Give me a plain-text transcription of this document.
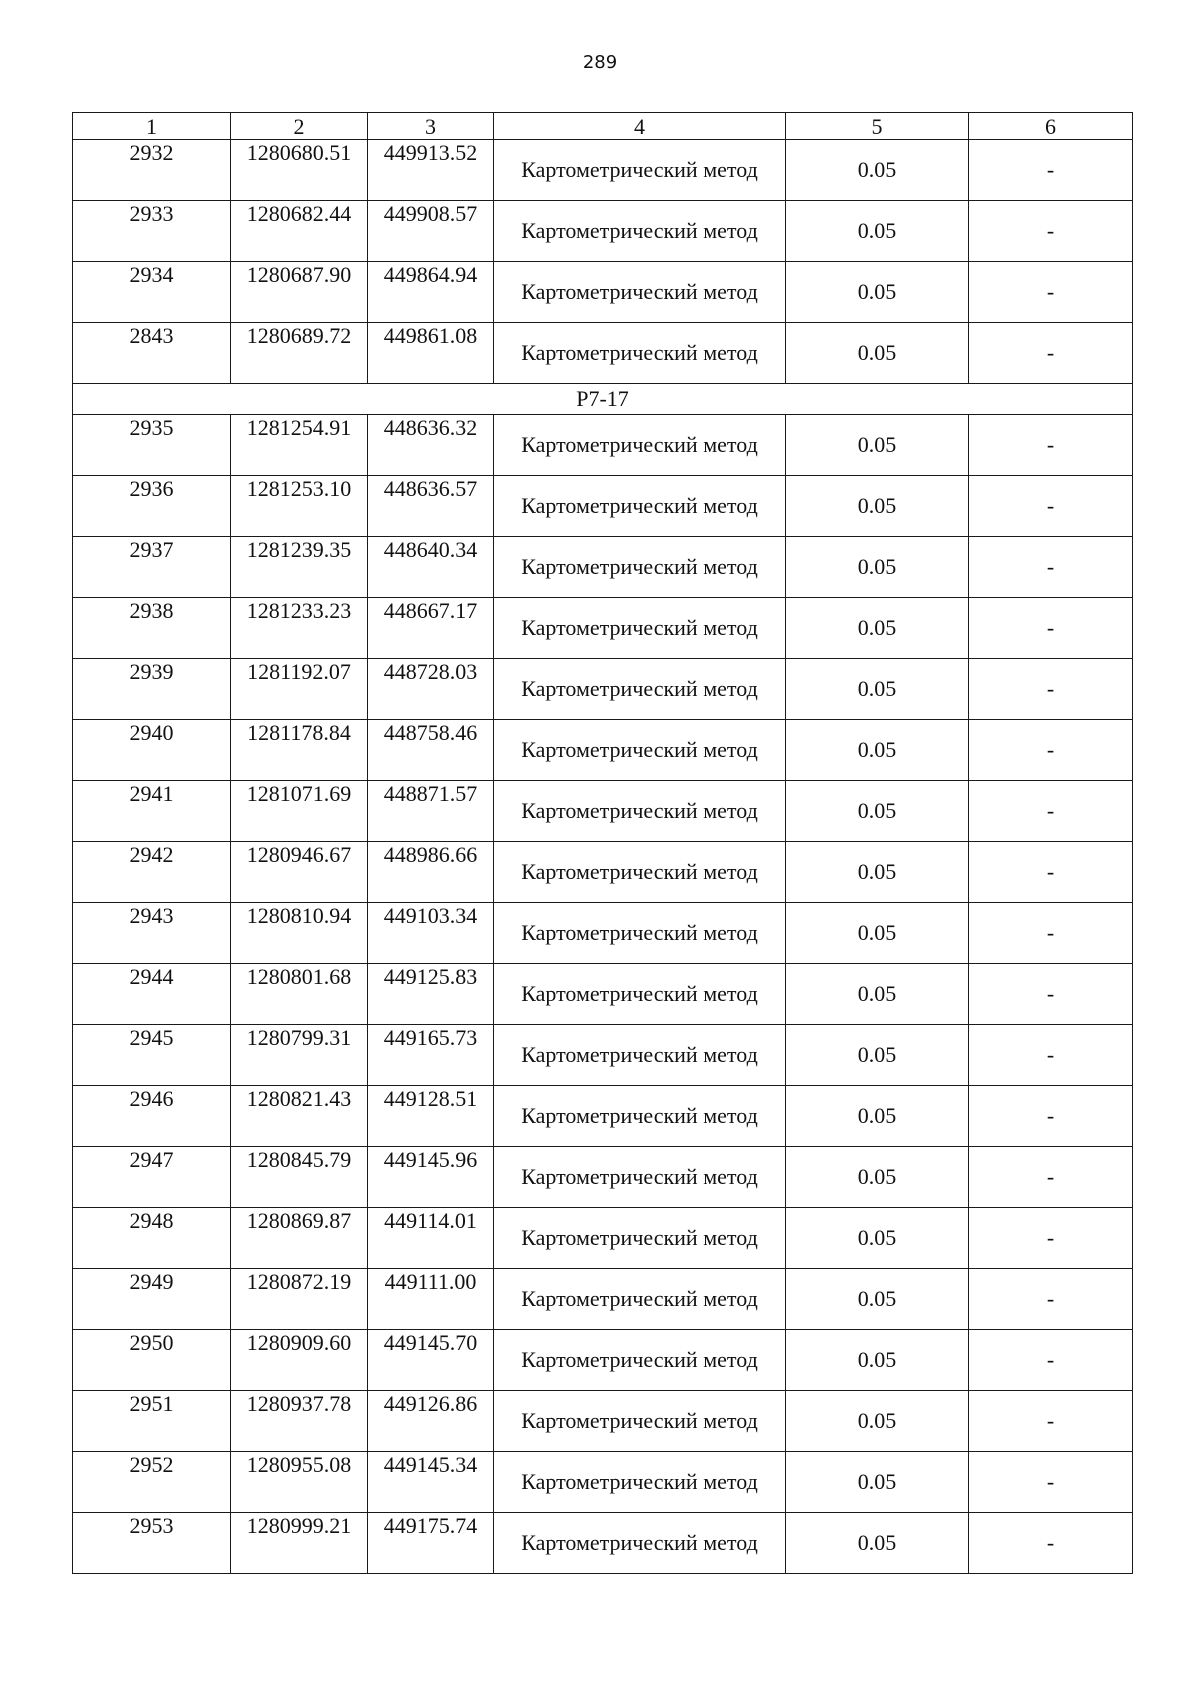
289
1	2	3	4	5	6
2932	1280680.51	449913.52	Картометрический метод	0.05	-
2933	1280682.44	449908.57	Картометрический метод	0.05	-
2934	1280687.90	449864.94	Картометрический метод	0.05	-
2843	1280689.72	449861.08	Картометрический метод	0.05	-
Р7-17					
2935	1281254.91	448636.32	Картометрический метод	0.05	-
2936	1281253.10	448636.57	Картометрический метод	0.05	-
2937	1281239.35	448640.34	Картометрический метод	0.05	-
2938	1281233.23	448667.17	Картометрический метод	0.05	-
2939	1281192.07	448728.03	Картометрический метод	0.05	-
2940	1281178.84	448758.46	Картометрический метод	0.05	-
2941	1281071.69	448871.57	Картометрический метод	0.05	-
2942	1280946.67	448986.66	Картометрический метод	0.05	-
2943	1280810.94	449103.34	Картометрический метод	0.05	-
2944	1280801.68	449125.83	Картометрический метод	0.05	-
2945	1280799.31	449165.73	Картометрический метод	0.05	-
2946	1280821.43	449128.51	Картометрический метод	0.05	-
2947	1280845.79	449145.96	Картометрический метод	0.05	-
2948	1280869.87	449114.01	Картометрический метод	0.05	-
2949	1280872.19	449111.00	Картометрический метод	0.05	-
2950	1280909.60	449145.70	Картометрический метод	0.05	-
2951	1280937.78	449126.86	Картометрический метод	0.05	-
2952	1280955.08	449145.34	Картометрический метод	0.05	-
2953	1280999.21	449175.74	Картометрический метод	0.05	-
